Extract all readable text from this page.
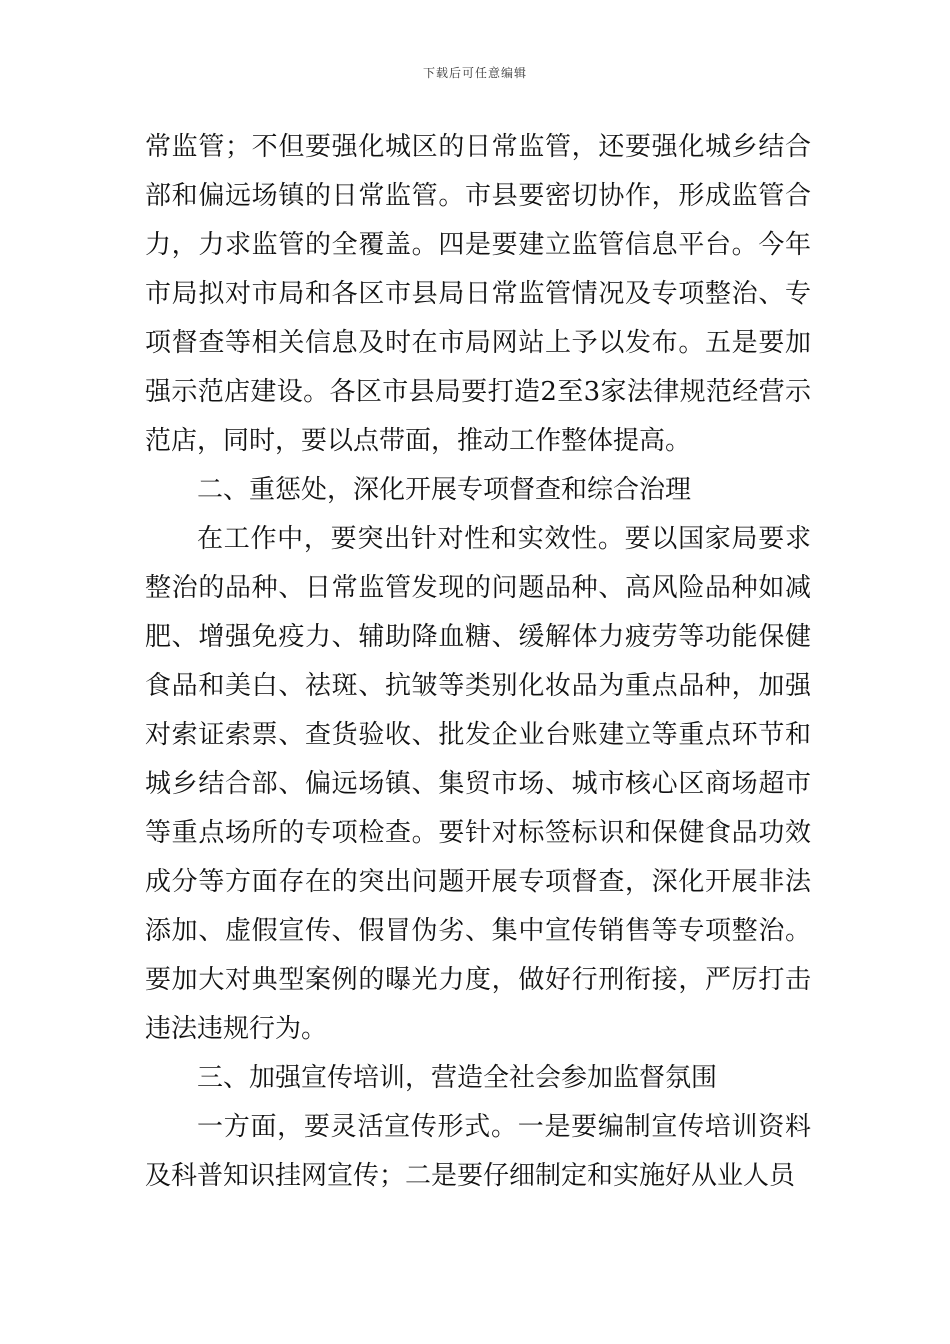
下载后可任意编辑

常监管；不但要强化城区的日常监管，还要强化城乡结合部和偏远场镇的日常监管。市县要密切协作，形成监管合力，力求监管的全覆盖。四是要建立监管信息平台。今年市局拟对市局和各区市县局日常监管情况及专项整治、专项督查等相关信息及时在市局网站上予以发布。五是要加强示范店建设。各区市县局要打造2至3家法律规范经营示范店，同时，要以点带面，推动工作整体提高。

二、重惩处，深化开展专项督查和综合治理

在工作中，要突出针对性和实效性。要以国家局要求整治的品种、日常监管发现的问题品种、高风险品种如减肥、增强免疫力、辅助降血糖、缓解体力疲劳等功能保健食品和美白、祛斑、抗皱等类别化妆品为重点品种，加强对索证索票、查货验收、批发企业台账建立等重点环节和城乡结合部、偏远场镇、集贸市场、城市核心区商场超市等重点场所的专项检查。要针对标签标识和保健食品功效成分等方面存在的突出问题开展专项督查，深化开展非法添加、虚假宣传、假冒伪劣、集中宣传销售等专项整治。要加大对典型案例的曝光力度，做好行刑衔接，严厉打击违法违规行为。

三、加强宣传培训，营造全社会参加监督氛围

一方面，要灵活宣传形式。一是要编制宣传培训资料及科普知识挂网宣传；二是要仔细制定和实施好从业人员
